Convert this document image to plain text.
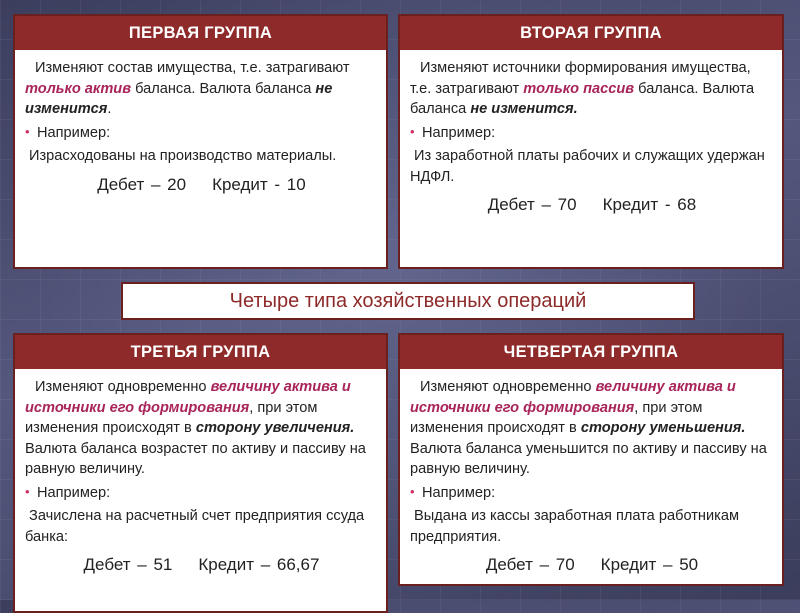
ПЕРВАЯ ГРУППА

Изменяют состав имущества, т.е. затрагивают только актив баланса. Валюта баланса не изменится.

• Например:

Израсходованы на производство материалы.

Дебет – 20 Кредит - 10
ВТОРАЯ ГРУППА

Изменяют источники формирования имущества, т.е. затрагивают только пассив баланса. Валюта баланса не изменится.

• Например:

Из заработной платы рабочих и служащих удержан НДФЛ.

Дебет – 70 Кредит - 68
Четыре типа хозяйственных операций
ТРЕТЬЯ ГРУППА

Изменяют одновременно величину актива и источники его формирования, при этом изменения происходят в сторону увеличения. Валюта баланса возрастет по активу и пассиву на равную величину.

• Например:

Зачислена на расчетный счет предприятия ссуда банка:

Дебет – 51 Кредит – 66,67
ЧЕТВЕРТАЯ ГРУППА

Изменяют одновременно величину актива и источники его формирования, при этом изменения происходят в сторону уменьшения. Валюта баланса уменьшится по активу и пассиву на равную величину.

• Например:

Выдана из кассы заработная плата работникам предприятия.

Дебет – 70 Кредит – 50
